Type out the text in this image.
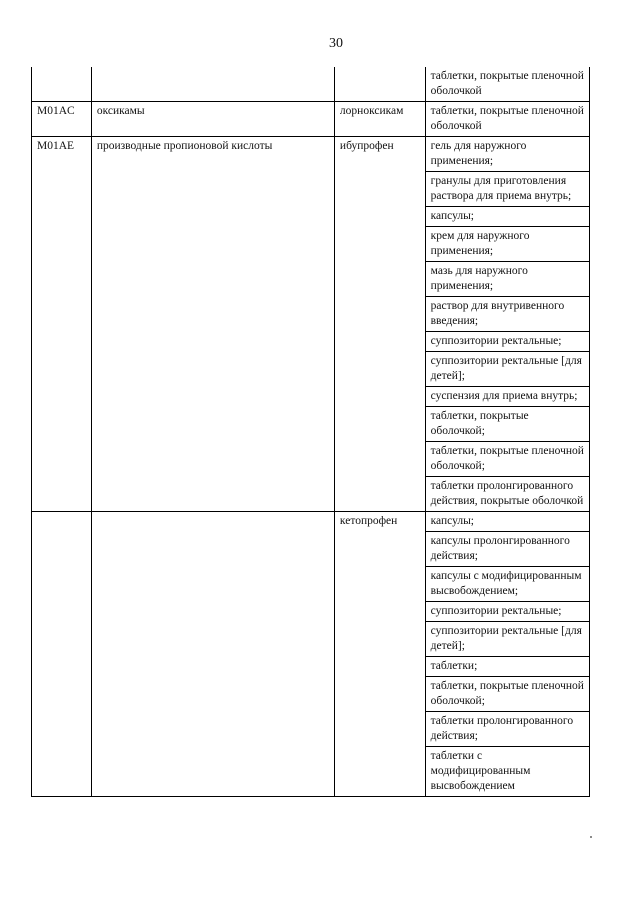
30
таблетки, покрытые пленочной оболочкой
M01AC	оксикамы	лорноксикам	таблетки, покрытые пленочной оболочкой
M01AE	производные пропионовой кислоты	ибупрофен	гель для наружного применения;
гранулы для приготовления раствора для приема внутрь;
капсулы;
крем для наружного применения;
мазь для наружного применения;
раствор для внутривенного введения;
суппозитории ректальные;
суппозитории ректальные [для детей];
суспензия для приема внутрь;
таблетки, покрытые оболочкой;
таблетки, покрытые пленочной оболочкой;
таблетки пролонгированного действия, покрытые оболочкой
кетопрофен	капсулы;
капсулы пролонгированного действия;
капсулы с модифицированным высвобождением;
суппозитории ректальные;
суппозитории ректальные [для детей];
таблетки;
таблетки, покрытые пленочной оболочкой;
таблетки пролонгированного действия;
таблетки с модифицированным высвобождением
